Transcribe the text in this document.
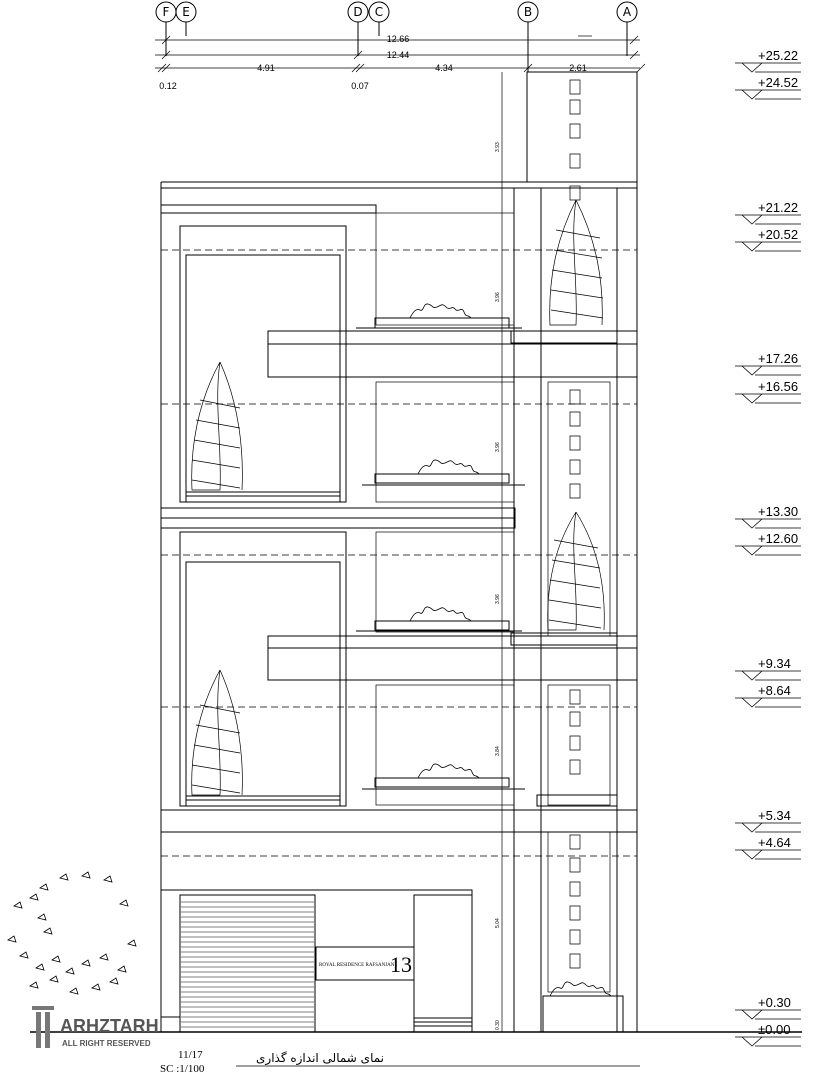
F E	D C	B	A
12.66
12.44
4.91	4.34	2.61
0.12	0.07
ROYAL RESIDENCE RAFSANJAN
13
3.93
3.96
3.96
3.96
3.84
5.04
0.30
+25.22
+24.52
+21.22
+20.52
+17.26
+16.56
+13.30
+12.60
+9.34
+8.64
+5.34
+4.64
+0.30
±0.00
ARHZTARH
ALL RIGHT RESERVED
11/17
SC :1/100
نمای شمالی اندازه گذاری
